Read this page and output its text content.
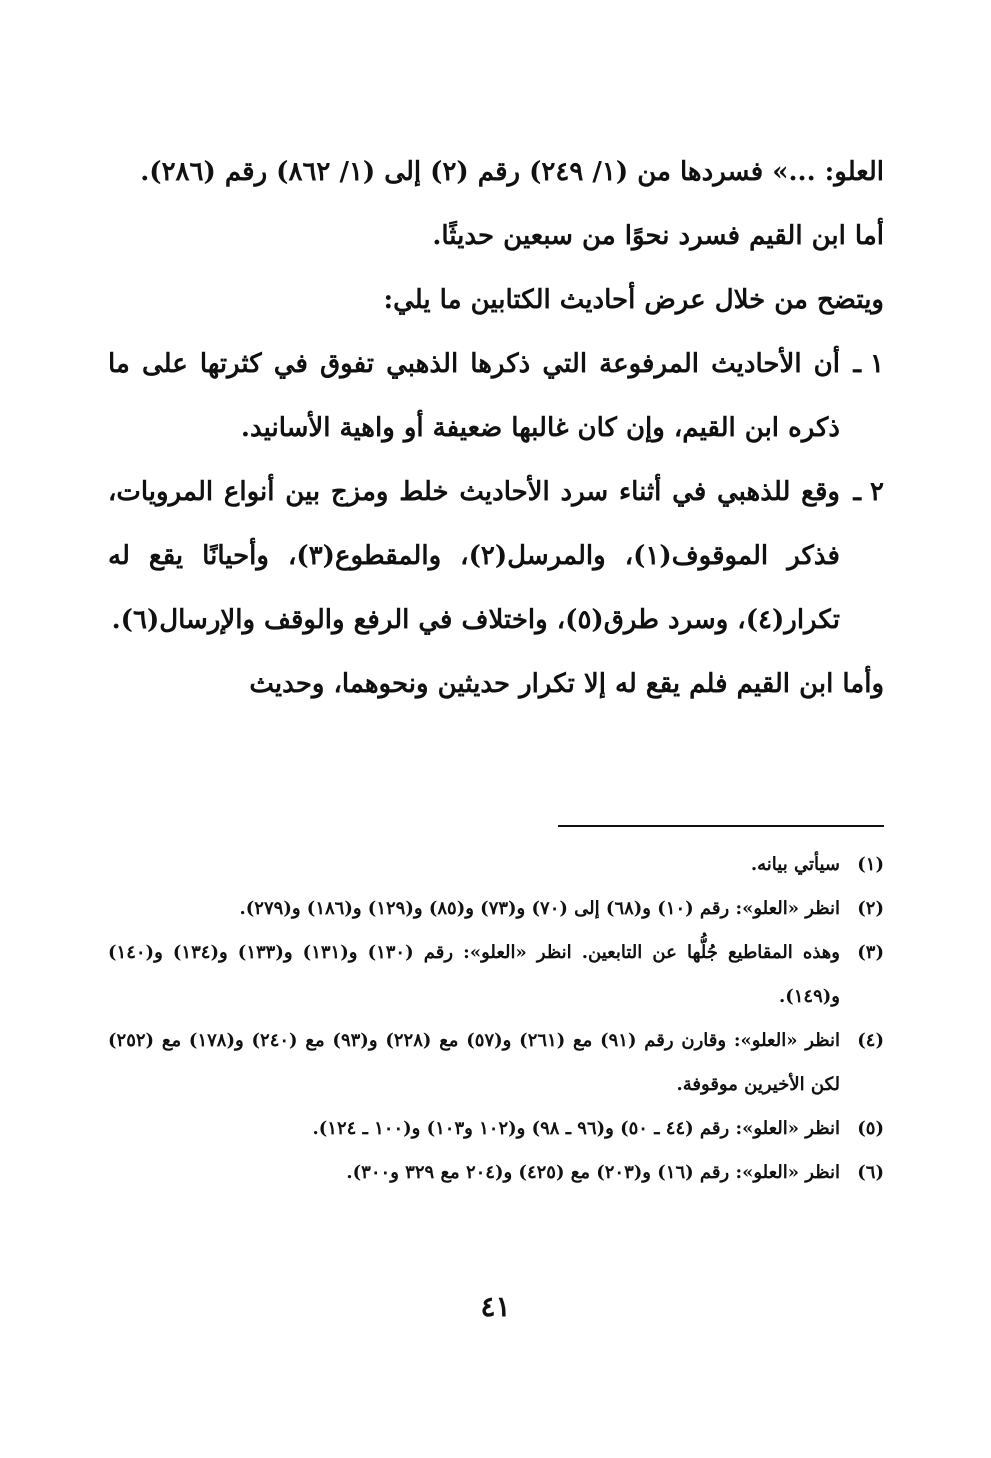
العلو: ...» فسردها من (١/ ٢٤٩) رقم (٢) إلى (١/ ٨٦٢) رقم (٢٨٦).

أما ابن القيم فسرد نحوًا من سبعين حديثًا.

ويتضح من خلال عرض أحاديث الكتابين ما يلي:

١ ـ
أن الأحاديث المرفوعة التي ذكرها الذهبي تفوق في كثرتها على ما ذكره ابن القيم، وإن كان غالبها ضعيفة أو واهية الأسانيد.
٢ ـ
وقع للذهبي في أثناء سرد الأحاديث خلط ومزج بين أنواع المرويات، فذكر الموقوف(١)، والمرسل(٢)، والمقطوع(٣)، وأحيانًا يقع له تكرار(٤)، وسرد طرق(٥)، واختلاف في الرفع والوقف والإرسال(٦).

وأما ابن القيم فلم يقع له إلا تكرار حديثين ونحوهما، وحديث

(١)
سيأتي بيانه.
(٢)
انظر «العلو»: رقم (١٠) و(٦٨) إلى (٧٠) و(٧٣) و(٨٥) و(١٢٩) و(١٨٦) و(٢٧٩).
(٣)
وهذه المقاطيع جُلُّها عن التابعين. انظر «العلو»: رقم (١٣٠) و(١٣١) و(١٣٣) و(١٣٤) و(١٤٠) و(١٤٩).
(٤)
انظر «العلو»: وقارن رقم (٩١) مع (٢٦١) و(٥٧) مع (٢٢٨) و(٩٣) مع (٢٤٠) و(١٧٨) مع (٢٥٢) لكن الأخيرين موقوفة.
(٥)
انظر «العلو»: رقم (٤٤ ـ ٥٠) و(٩٦ ـ ٩٨) و(١٠٢ و١٠٣) و(١٠٠ ـ ١٢٤).
(٦)
انظر «العلو»: رقم (١٦) و(٢٠٣) مع (٤٢٥) و(٢٠٤ مع ٣٢٩ و٣٠٠).
٤١
